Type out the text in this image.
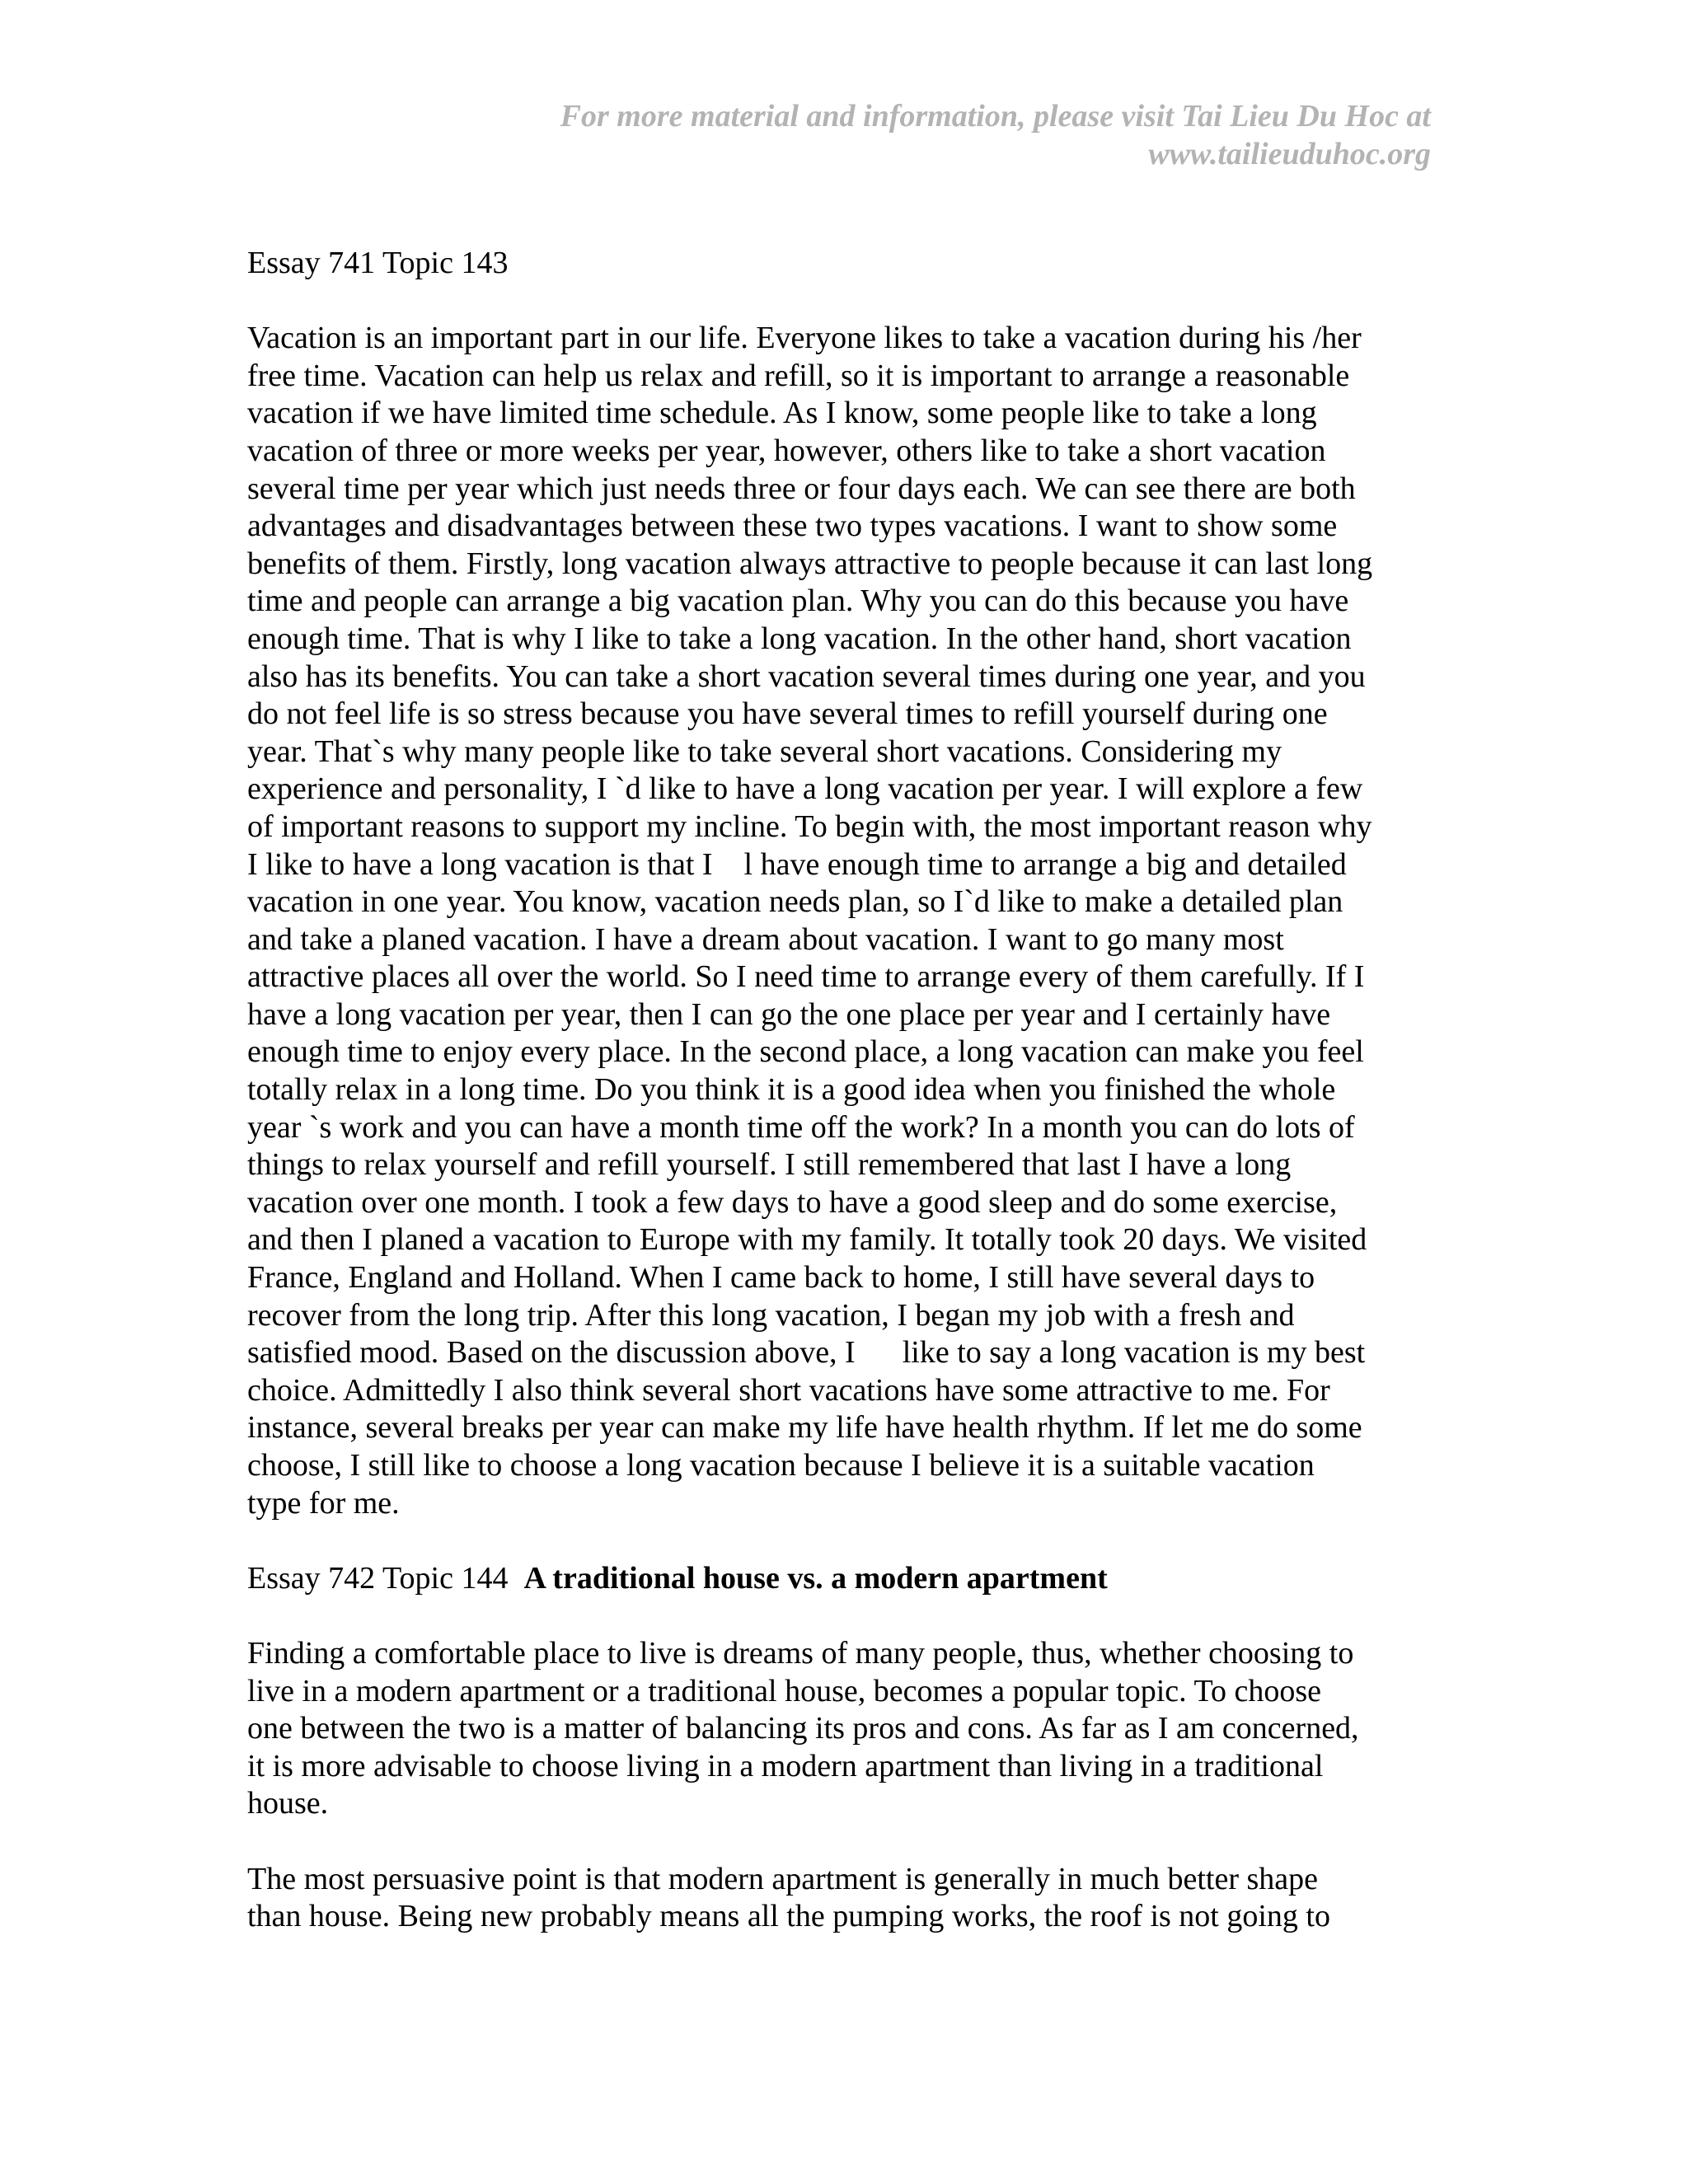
For more material and information, please visit Tai Lieu Du Hoc at
www.tailieuduhoc.org

Essay 741 Topic 143

Vacation is an important part in our life. Everyone likes to take a vacation during his /her
free time. Vacation can help us relax and refill, so it is important to arrange a reasonable
vacation if we have limited time schedule. As I know, some people like to take a long
vacation of three or more weeks per year, however, others like to take a short vacation
several time per year which just needs three or four days each. We can see there are both
advantages and disadvantages between these two types vacations. I want to show some
benefits of them. Firstly, long vacation always attractive to people because it can last long
time and people can arrange a big vacation plan. Why you can do this because you have
enough time. That is why I like to take a long vacation. In the other hand, short vacation
also has its benefits. You can take a short vacation several times during one year, and you
do not feel life is so stress because you have several times to refill yourself during one
year. That`s why many people like to take several short vacations. Considering my
experience and personality, I `d like to have a long vacation per year. I will explore a few
of important reasons to support my incline. To begin with, the most important reason why
I like to have a long vacation is that I    l have enough time to arrange a big and detailed
vacation in one year. You know, vacation needs plan, so I`d like to make a detailed plan
and take a planed vacation. I have a dream about vacation. I want to go many most
attractive places all over the world. So I need time to arrange every of them carefully. If I
have a long vacation per year, then I can go the one place per year and I certainly have
enough time to enjoy every place. In the second place, a long vacation can make you feel
totally relax in a long time. Do you think it is a good idea when you finished the whole
year `s work and you can have a month time off the work? In a month you can do lots of
things to relax yourself and refill yourself. I still remembered that last I have a long
vacation over one month. I took a few days to have a good sleep and do some exercise,
and then I planed a vacation to Europe with my family. It totally took 20 days. We visited
France, England and Holland. When I came back to home, I still have several days to
recover from the long trip. After this long vacation, I began my job with a fresh and
satisfied mood. Based on the discussion above, I      like to say a long vacation is my best
choice. Admittedly I also think several short vacations have some attractive to me. For
instance, several breaks per year can make my life have health rhythm. If let me do some
choose, I still like to choose a long vacation because I believe it is a suitable vacation
type for me.

Essay 742 Topic 144  A traditional house vs. a modern apartment

Finding a comfortable place to live is dreams of many people, thus, whether choosing to
live in a modern apartment or a traditional house, becomes a popular topic. To choose
one between the two is a matter of balancing its pros and cons. As far as I am concerned,
it is more advisable to choose living in a modern apartment than living in a traditional
house.
The most persuasive point is that modern apartment is generally in much better shape
than house. Being new probably means all the pumping works, the roof is not going to
